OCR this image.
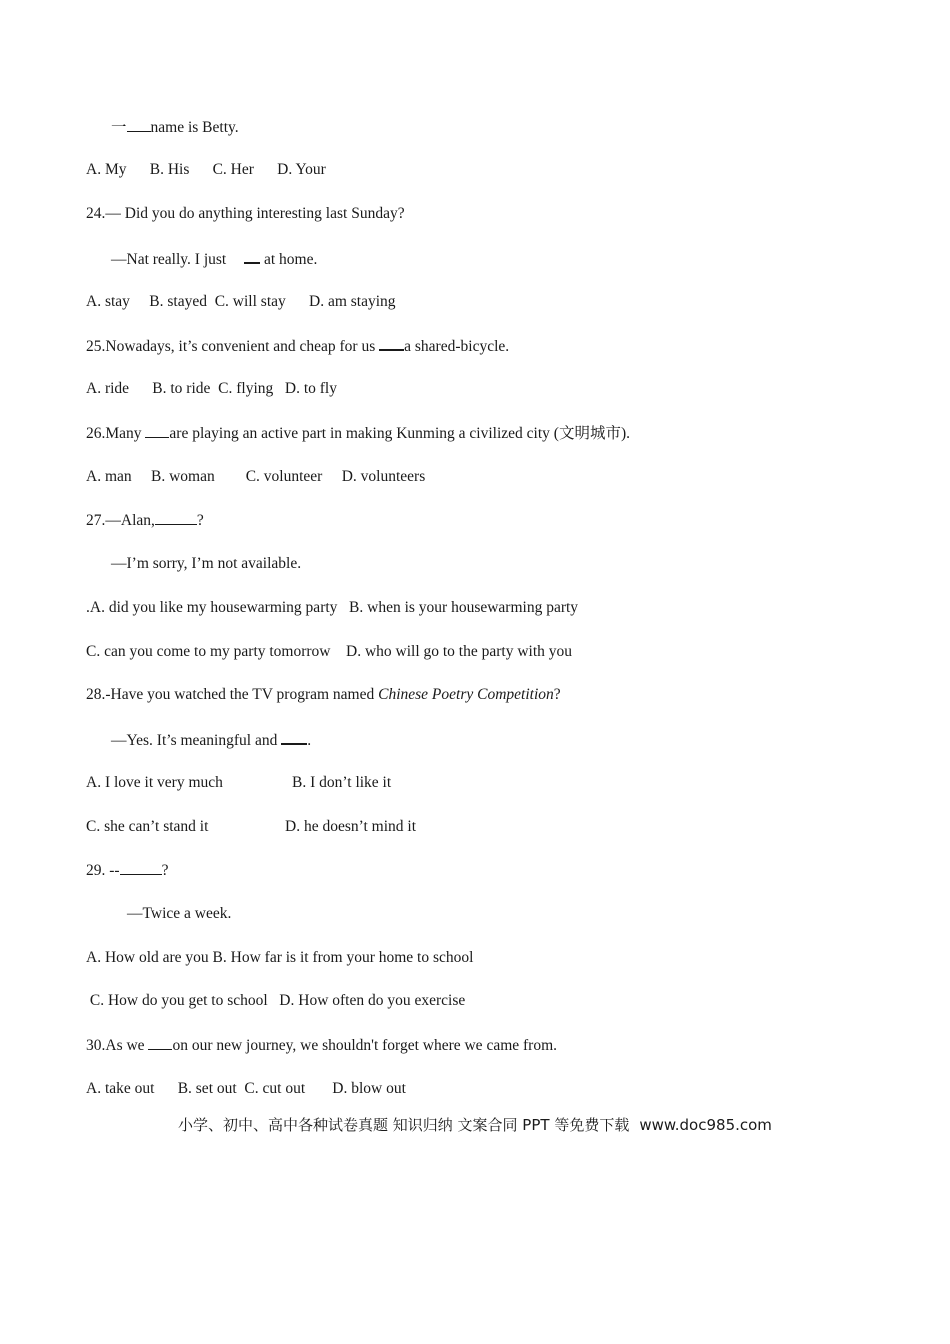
一 name is Betty.
A. My      B. His      C. Her      D. Your
24.— Did you do anything interesting last Sunday?
—Nat really. I just  at home.
A. stay     B. stayed  C. will stay      D. am staying
25.Nowadays, it’s convenient and cheap for us a shared-bicycle.
A. ride      B. to ride  C. flying   D. to fly
26.Many are playing an active part in making Kunming a civilized city (文明城市).
A. man     B. woman        C. volunteer     D. volunteers
27.—Alan,	?
—I’m sorry, I’m not available.
.A. did you like my housewarming party   B. when is your housewarming party
C. can you come to my party tomorrow    D. who will go to the party with you
28.-Have you watched the TV program named Chinese Poetry Competition?
—Yes. It’s meaningful and .
A. I love it very much	B. I don’t like it
C. she can’t stand it	D. he doesn’t mind it
29. --	?
—Twice a week.
A. How old are you B. How far is it from your home to school
C. How do you get to school   D. How often do you exercise
30.As we on our new journey, we shouldn't forget where we came from.
A. take out      B. set out  C. cut out       D. blow out
小学、初中、高中各种试卷真题 知识归纳 文案合同 PPT 等免费下载 www.doc985.com
